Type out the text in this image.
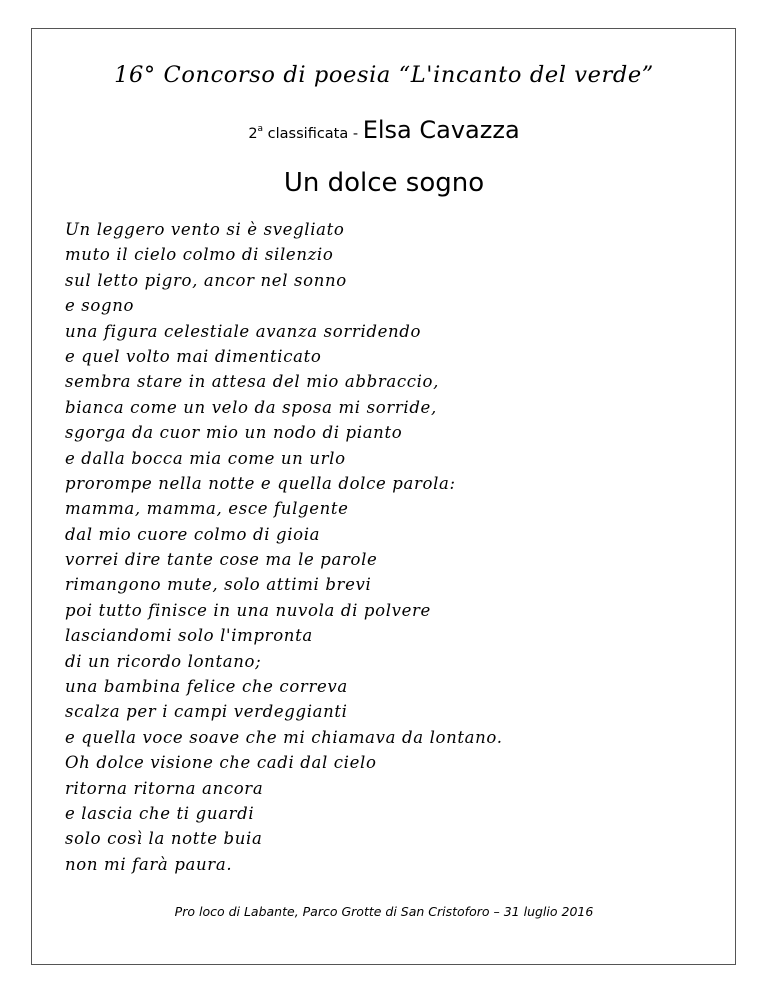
16° Concorso di poesia “L'incanto del verde”
2$^a$ classificata - Elsa Cavazza
Un dolce sogno
Un leggero vento si è svegliato
muto il cielo colmo di silenzio
sul letto pigro, ancor nel sonno
e sogno
una figura celestiale avanza sorridendo
e quel volto mai dimenticato
sembra stare in attesa del mio abbraccio,
bianca come un velo da sposa mi sorride,
sgorga da cuor mio un nodo di pianto
e dalla bocca mia come un urlo
prorompe nella notte e quella dolce parola:
mamma, mamma, esce fulgente
dal mio cuore colmo di gioia
vorrei dire tante cose ma le parole
rimangono mute, solo attimi brevi
poi tutto finisce in una nuvola di polvere
lasciandomi solo l'impronta
di un ricordo lontano;
una bambina felice che correva
scalza per i campi verdeggianti
e quella voce soave che mi chiamava da lontano.
Oh dolce visione che cadi dal cielo
ritorna ritorna ancora
e lascia che ti guardi
solo così la notte buia
non mi farà paura.
Pro loco di Labante, Parco Grotte di San Cristoforo – 31 luglio 2016
